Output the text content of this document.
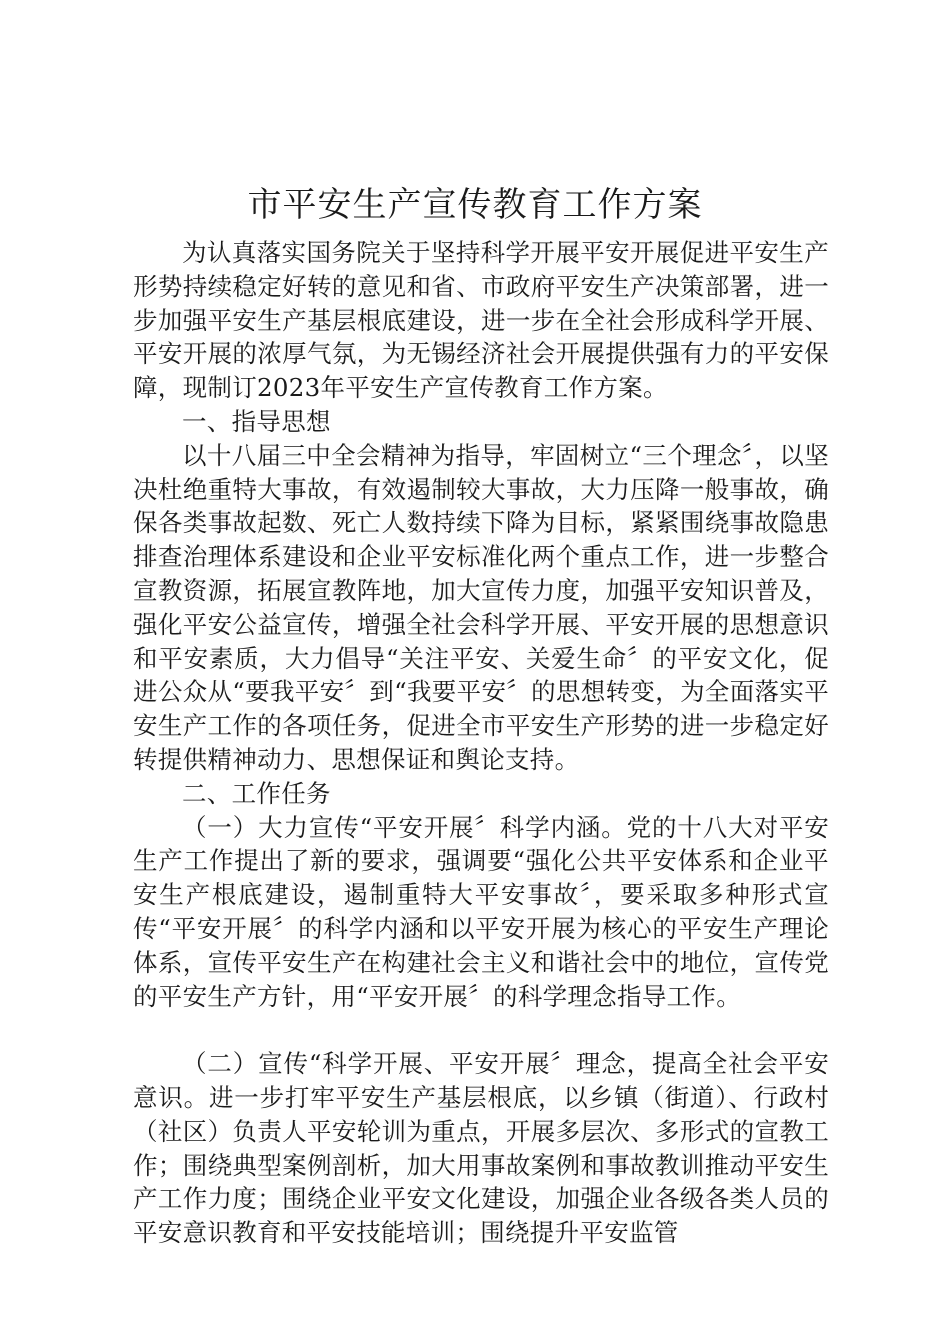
市平安生产宣传教育工作方案

为认真落实国务院关于坚持科学开展平安开展促进平安生产形势持续稳定好转的意见和省、市政府平安生产决策部署，进一步加强平安生产基层根底建设，进一步在全社会形成科学开展、平安开展的浓厚气氛，为无锡经济社会开展提供强有力的平安保障，现制订2023年平安生产宣传教育工作方案。

一、指导思想

以十八届三中全会精神为指导，牢固树立“三个理念〞，以坚决杜绝重特大事故，有效遏制较大事故，大力压降一般事故，确保各类事故起数、死亡人数持续下降为目标，紧紧围绕事故隐患排查治理体系建设和企业平安标准化两个重点工作，进一步整合宣教资源，拓展宣教阵地，加大宣传力度，加强平安知识普及，强化平安公益宣传，增强全社会科学开展、平安开展的思想意识和平安素质，大力倡导“关注平安、关爱生命〞的平安文化，促进公众从“要我平安〞到“我要平安〞的思想转变，为全面落实平安生产工作的各项任务，促进全市平安生产形势的进一步稳定好转提供精神动力、思想保证和舆论支持。

二、工作任务

（一）大力宣传“平安开展〞科学内涵。党的十八大对平安生产工作提出了新的要求，强调要“强化公共平安体系和企业平安生产根底建设，遏制重特大平安事故〞，要采取多种形式宣传“平安开展〞的科学内涵和以平安开展为核心的平安生产理论体系，宣传平安生产在构建社会主义和谐社会中的地位，宣传党的平安生产方针，用“平安开展〞的科学理念指导工作。

（二）宣传“科学开展、平安开展〞理念，提高全社会平安意识。进一步打牢平安生产基层根底，以乡镇（街道）、行政村（社区）负责人平安轮训为重点，开展多层次、多形式的宣教工作；围绕典型案例剖析，加大用事故案例和事故教训推动平安生产工作力度；围绕企业平安文化建设，加强企业各级各类人员的平安意识教育和平安技能培训；围绕提升平安监管
